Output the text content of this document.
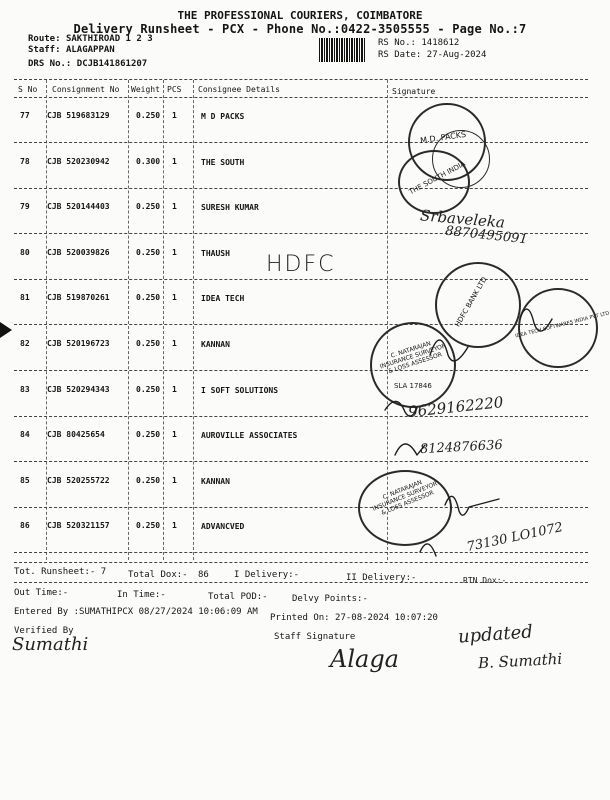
THE PROFESSIONAL COURIERS, COIMBATORE
Delivery Runsheet - PCX - Phone No.:0422-3505555 - Page No.:7
Route: SAKTHIROAD 1 2 3
Staff: ALAGAPPAN
DRS No.: DCJB141861207
RS No.: 1418612
RS Date: 27-Aug-2024
S No Consignment No Weight PCS Consignee Details	Signature
77 CJB 519683129	0.250 1	M D PACKS
78 CJB 520230942	0.300 1	THE SOUTH
79 CJB 520144403	0.250 1	SURESH KUMAR
80 CJB 520039826	0.250 1	THAUSH
81 CJB 519870261	0.250 1	IDEA TECH
82 CJB 520196723	0.250 1	KANNAN
83 CJB 520294343	0.250 1	I SOFT SOLUTIONS
84 CJB 80425654	0.250 1	AUROVILLE ASSOCIATES
85 CJB 520255722	0.250 1	KANNAN
86 CJB 520321157	0.250 1	ADVANCVED
M.D. PACKS
THE SOUTH INDIA
Srbaveleka
8870495091
HDFC
HDFC BANK LTD	IDEA TECH SOFTWARES INDIA PVT LTD
C. NATARAJAN INSURANCE SURVEYOR & LOSS ASSESSOR
SLA 17846
9629162220
8124876636
C. NATARAJAN INSURANCE SURVEYOR & LOSS ASSESSOR
73130 LO1072
Tot. Runsheet:- 7 Total Dox:- 86	I Delivery:-	II Delivery:-	RTN Dox:-
Out Time:-	In Time:-	Total POD:-	Delvy Points:-
Entered By :SUMATHIPCX 08/27/2024 10:06:09 AM
Printed On: 27-08-2024 10:07:20
Verified By
Staff Signature
Sumathi
Alaga
updated
B. Sumathi
